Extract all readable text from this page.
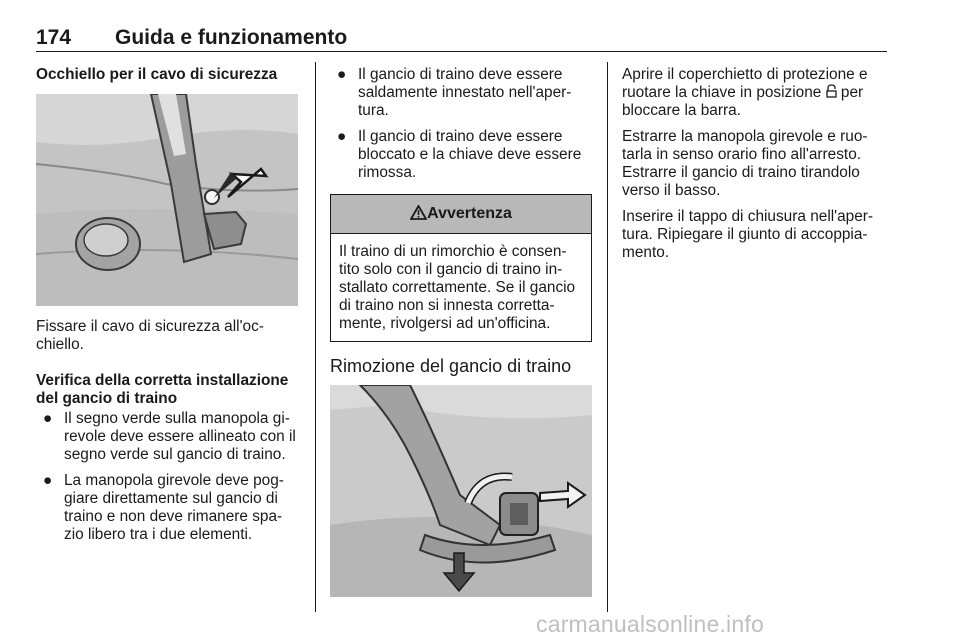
174 Guida e funzionamento

Occhiello per il cavo di sicurezza

Fissare il cavo di sicurezza all'oc-chiello.

Verifica della corretta installazione del gancio di traino

● Il segno verde sulla manopola gi-revole deve essere allineato con il segno verde sul gancio di traino.
● La manopola girevole deve pog-giare direttamente sul gancio di traino e non deve rimanere spa-zio libero tra i due elementi.
● Il gancio di traino deve essere saldamente innestato nell'aper-tura.
● Il gancio di traino deve essere bloccato e la chiave deve essere rimossa.
Avvertenza
Il traino di un rimorchio è consen-tito solo con il gancio di traino in-stallato correttamente. Se il gancio di traino non si innesta corretta-mente, rivolgersi ad un'officina.

Rimozione del gancio di traino

Aprire il coperchietto di protezione e ruotare la chiave in posizione per bloccare la barra.

Estrarre la manopola girevole e ruo-tarla in senso orario fino all'arresto. Estrarre il gancio di traino tirandolo verso il basso.

Inserire il tappo di chiusura nell'aper-tura. Ripiegare il giunto di accoppia-mento.

carmanualsonline.info
